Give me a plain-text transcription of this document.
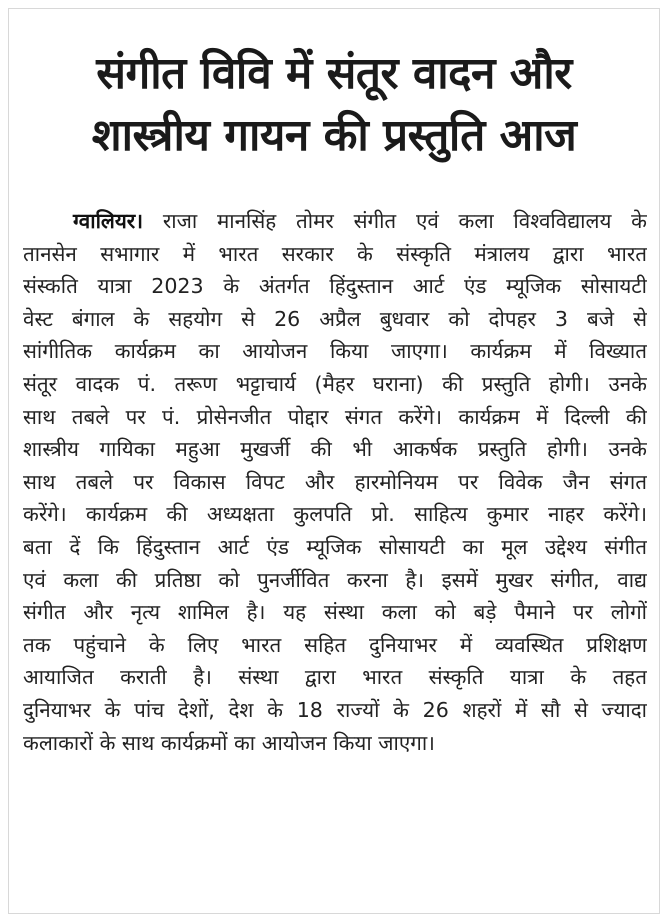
संगीत विवि में संतूर वादन और
शास्त्रीय गायन की प्रस्तुति आज
ग्वालियर। राजा मानसिंह तोमर संगीत एवं कला विश्वविद्यालय के
तानसेन सभागार में भारत सरकार के संस्कृति मंत्रालय द्वारा भारत
संस्कति यात्रा 2023 के अंतर्गत हिंदुस्तान आर्ट एंड म्यूजिक सोसायटी
वेस्ट बंगाल के सहयोग से 26 अप्रैल बुधवार को दोपहर 3 बजे से
सांगीतिक कार्यक्रम का आयोजन किया जाएगा। कार्यक्रम में विख्यात
संतूर वादक पं. तरूण भट्टाचार्य (मैहर घराना) की प्रस्तुति होगी। उनके
साथ तबले पर पं. प्रोसेनजीत पोद्दार संगत करेंगे। कार्यक्रम में दिल्ली की
शास्त्रीय गायिका महुआ मुखर्जी की भी आकर्षक प्रस्तुति होगी। उनके
साथ तबले पर विकास विपट और हारमोनियम पर विवेक जैन संगत
करेंगे। कार्यक्रम की अध्यक्षता कुलपति प्रो. साहित्य कुमार नाहर करेंगे।
बता दें कि हिंदुस्तान आर्ट एंड म्यूजिक सोसायटी का मूल उद्देश्य संगीत
एवं कला की प्रतिष्ठा को पुनर्जीवित करना है। इसमें मुखर संगीत, वाद्य
संगीत और नृत्य शामिल है। यह संस्था कला को बड़े पैमाने पर लोगों
तक पहुंचाने के लिए भारत सहित दुनियाभर में व्यवस्थित प्रशिक्षण
आयाजित कराती है। संस्था द्वारा भारत संस्कृति यात्रा के तहत
दुनियाभर के पांच देशों, देश के 18 राज्यों के 26 शहरों में सौ से ज्यादा
कलाकारों के साथ कार्यक्रमों का आयोजन किया जाएगा।
